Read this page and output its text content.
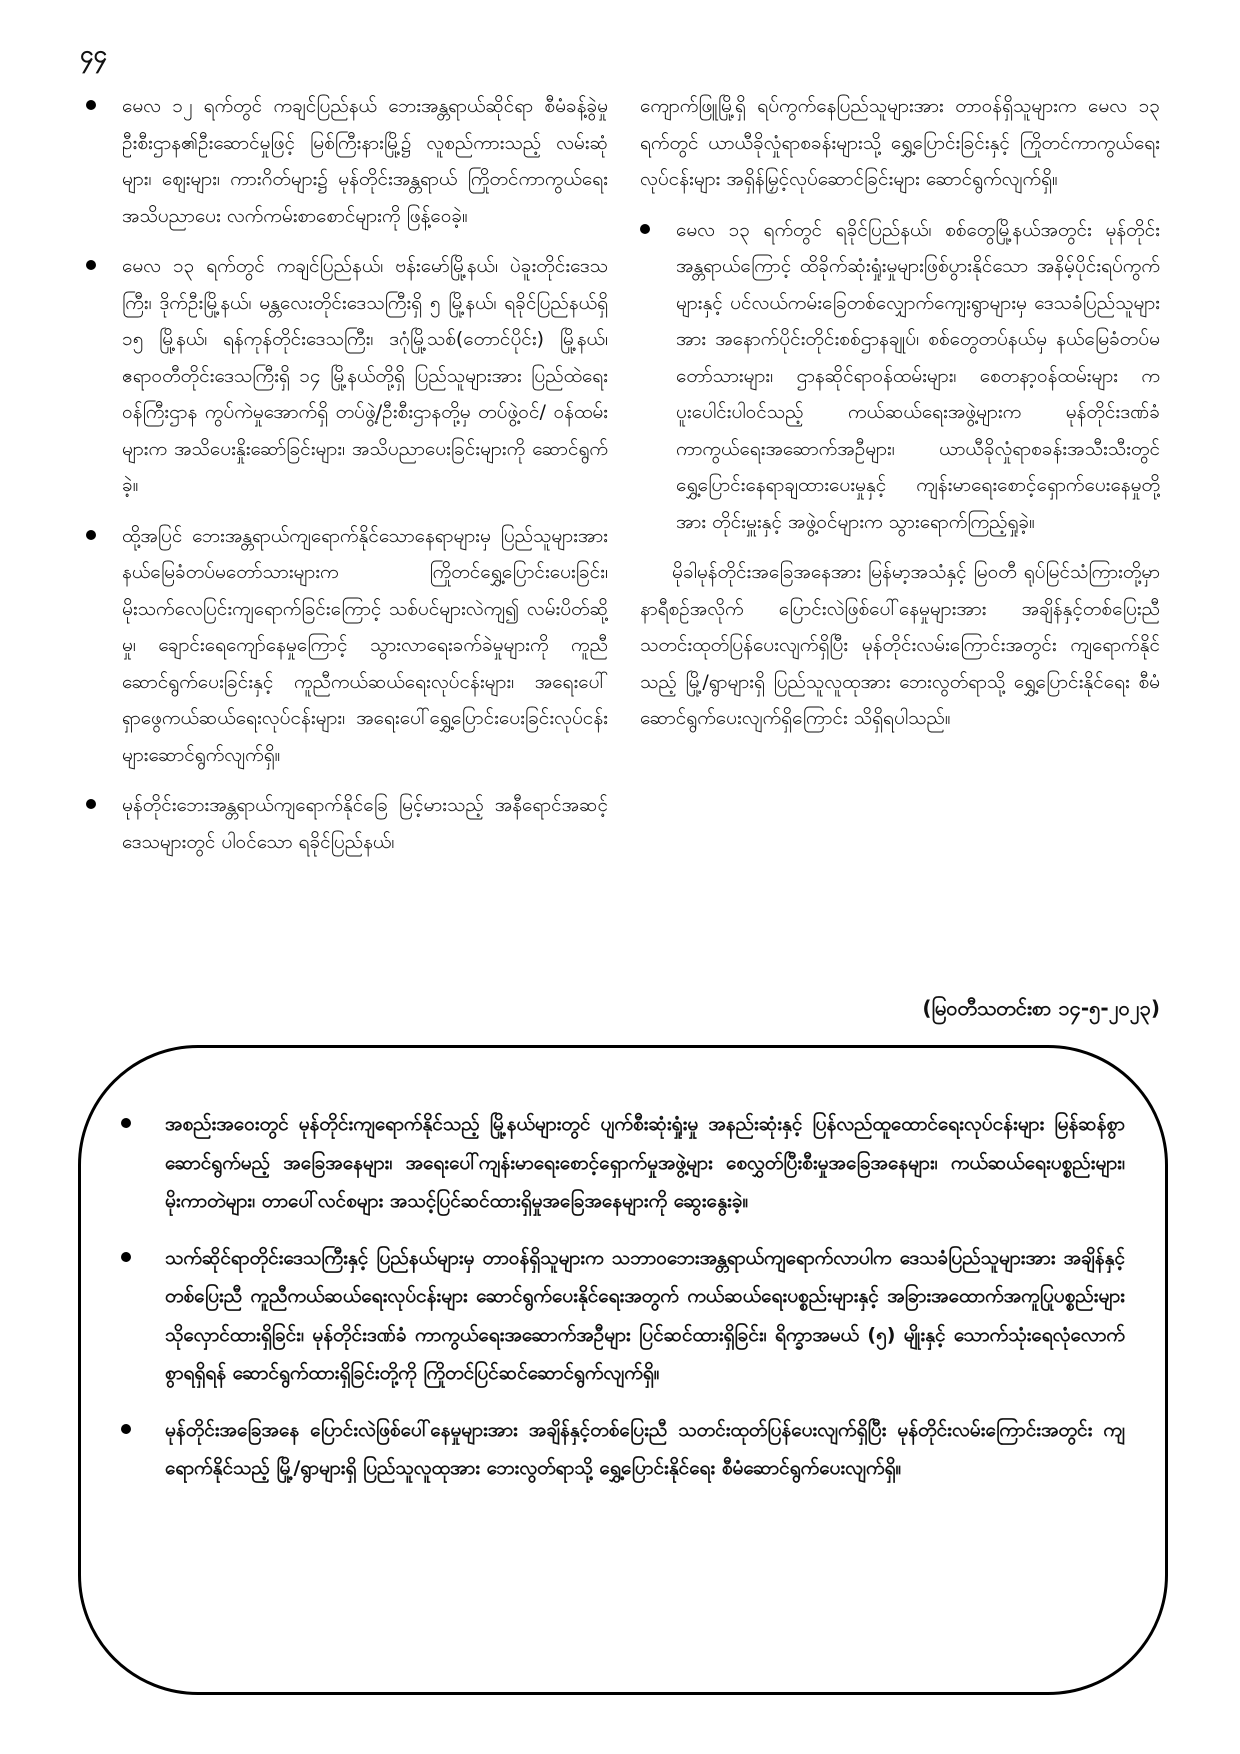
၄၄

မေလ ၁၂ ရက်တွင် ကချင်ပြည်နယ် ဘေးအန္တရာယ်ဆိုင်ရာ စီမံခန့်ခွဲမှုဦးစီးဌာန၏ဦးဆောင်မှုဖြင့် မြစ်ကြီးနားမြို့၌ လူစည်ကားသည့် လမ်းဆုံများ၊ ဈေးများ၊ ကားဂိတ်များ၌ မုန်တိုင်းအန္တရာယ် ကြိုတင်ကာကွယ်ရေး အသိပညာပေး လက်ကမ်းစာစောင်များကို ဖြန့်ဝေခဲ့။

မေလ ၁၃ ရက်တွင် ကချင်ပြည်နယ်၊ ဗန်းမော်မြို့နယ်၊ ပဲခူးတိုင်းဒေသကြီး၊ ဒိုက်ဦးမြို့နယ်၊ မန္တလေးတိုင်းဒေသကြီးရှိ ၅ မြို့နယ်၊ ရခိုင်ပြည်နယ်ရှိ ၁၅ မြို့နယ်၊ ရန်ကုန်တိုင်းဒေသကြီး၊ ဒဂုံမြို့သစ်(တောင်ပိုင်း) မြို့နယ်၊ ဧရာဝတီတိုင်းဒေသကြီးရှိ ၁၄ မြို့နယ်တို့ရှိ ပြည်သူများအား ပြည်ထဲရေးဝန်ကြီးဌာန ကွပ်ကဲမှုအောက်ရှိ တပ်ဖွဲ့/ဦးစီးဌာနတို့မှ တပ်ဖွဲ့ဝင်/ ဝန်ထမ်းများက အသိပေးနှိုးဆော်ခြင်းများ၊ အသိပညာပေးခြင်းများကို ဆောင်ရွက်ခဲ့။

ထို့အပြင် ဘေးအန္တရာယ်ကျရောက်နိုင်သောနေရာများမှ ပြည်သူများအား နယ်မြေခံတပ်မတော်သားများက ကြိုတင်ရွှေ့ပြောင်းပေးခြင်း၊ မိုးသက်လေပြင်းကျရောက်ခြင်းကြောင့် သစ်ပင်များလဲကျ၍ လမ်းပိတ်ဆို့မှု၊ ချောင်းရေကျော်နေမှုကြောင့် သွားလာရေးခက်ခဲမှုများကို ကူညီဆောင်ရွက်ပေးခြင်းနှင့် ကူညီကယ်ဆယ်ရေးလုပ်ငန်းများ၊ အရေးပေါ်ရှာဖွေကယ်ဆယ်ရေးလုပ်ငန်းများ၊ အရေးပေါ်ရွှေ့ပြောင်းပေးခြင်းလုပ်ငန်းများဆောင်ရွက်လျက်ရှိ။

မုန်တိုင်းဘေးအန္တရာယ်ကျရောက်နိုင်ခြေ မြင့်မားသည့် အနီရောင်အဆင့်ဒေသများတွင် ပါဝင်သော ရခိုင်ပြည်နယ်၊

ကျောက်ဖြူမြို့ရှိ ရပ်ကွက်နေပြည်သူများအား တာဝန်ရှိသူများက မေလ ၁၃ ရက်တွင် ယာယီခိုလှုံရာစခန်းများသို့ ရွှေ့ပြောင်းခြင်းနှင့် ကြိုတင်ကာကွယ်ရေးလုပ်ငန်းများ အရှိန်မြှင့်လုပ်ဆောင်ခြင်းများ ဆောင်ရွက်လျက်ရှိ။

မေလ ၁၃ ရက်တွင် ရခိုင်ပြည်နယ်၊ စစ်တွေမြို့နယ်အတွင်း မုန်တိုင်းအန္တရာယ်ကြောင့် ထိခိုက်ဆုံးရှုံးမှုများဖြစ်ပွားနိုင်သော အနိမ့်ပိုင်းရပ်ကွက်များနှင့် ပင်လယ်ကမ်းခြေတစ်လျှောက်ကျေးရွာများမှ ဒေသခံပြည်သူများအား အနောက်ပိုင်းတိုင်းစစ်ဌာနချုပ်၊ စစ်တွေတပ်နယ်မှ နယ်မြေခံတပ်မတော်သားများ၊ ဌာနဆိုင်ရာဝန်ထမ်းများ၊ စေတနာ့ဝန်ထမ်းများ က ပူးပေါင်းပါဝင်သည့် ကယ်ဆယ်ရေးအဖွဲ့များက မုန်တိုင်းဒဏ်ခံ ကာကွယ်ရေးအဆောက်အဦများ၊ ယာယီခိုလှုံရာစခန်းအသီးသီးတွင် ရွှေ့ပြောင်းနေရာချထားပေးမှုနှင့် ကျန်းမာရေးစောင့်ရှောက်ပေးနေမှုတို့အား တိုင်းမှူးနှင့် အဖွဲ့ဝင်များက သွားရောက်ကြည့်ရှုခဲ့။

မိုခါမုန်တိုင်းအခြေအနေအား မြန်မာ့အသံနှင့် မြဝတီ ရုပ်မြင်သံကြားတို့မှာ နာရီစဉ်အလိုက် ပြောင်းလဲဖြစ်ပေါ်နေမှုများအား အချိန်နှင့်တစ်ပြေးညီ သတင်းထုတ်ပြန်ပေးလျက်ရှိပြီး မုန်တိုင်းလမ်းကြောင်းအတွင်း ကျရောက်နိုင်သည့် မြို့/ရွာများရှိ ပြည်သူလူထုအား ဘေးလွတ်ရာသို့ ရွှေ့ပြောင်းနိုင်ရေး စီမံဆောင်ရွက်ပေးလျက်ရှိကြောင်း သိရှိရပါသည်။

(မြဝတီသတင်းစာ ၁၄-၅-၂၀၂၃)

အစည်းအဝေးတွင် မုန်တိုင်းကျရောက်နိုင်သည့် မြို့နယ်များတွင် ပျက်စီးဆုံးရှုံးမှု အနည်းဆုံးနှင့် ပြန်လည်ထူထောင်ရေးလုပ်ငန်းများ မြန်ဆန်စွာဆောင်ရွက်မည့် အခြေအနေများ၊ အရေးပေါ်ကျန်းမာရေးစောင့်ရှောက်မှုအဖွဲ့များ စေလွှတ်ပြီးစီးမှုအခြေအနေများ၊ ကယ်ဆယ်ရေးပစ္စည်းများ၊ မိုးကာတဲများ၊ တာပေါ်လင်စများ အသင့်ပြင်ဆင်ထားရှိမှုအခြေအနေများကို ဆွေးနွေးခဲ့။

သက်ဆိုင်ရာတိုင်းဒေသကြီးနှင့် ပြည်နယ်များမှ တာဝန်ရှိသူများက သဘာဝဘေးအန္တရာယ်ကျရောက်လာပါက ဒေသခံပြည်သူများအား အချိန်နှင့်တစ်ပြေးညီ ကူညီကယ်ဆယ်ရေးလုပ်ငန်းများ ဆောင်ရွက်ပေးနိုင်ရေးအတွက် ကယ်ဆယ်ရေးပစ္စည်းများနှင့် အခြားအထောက်အကူပြုပစ္စည်းများ သိုလှောင်ထားရှိခြင်း၊ မုန်တိုင်းဒဏ်ခံ ကာကွယ်ရေးအဆောက်အဦများ ပြင်ဆင်ထားရှိခြင်း၊ ရိက္ခာအမယ် (၅) မျိုးနှင့် သောက်သုံးရေလုံလောက်စွာရရှိရန် ဆောင်ရွက်ထားရှိခြင်းတို့ကို ကြိုတင်ပြင်ဆင်ဆောင်ရွက်လျက်ရှိ။

မုန်တိုင်းအခြေအနေ ပြောင်းလဲဖြစ်ပေါ်နေမှုများအား အချိန်နှင့်တစ်ပြေးညီ သတင်းထုတ်ပြန်ပေးလျက်ရှိပြီး မုန်တိုင်းလမ်းကြောင်းအတွင်း ကျရောက်နိုင်သည့် မြို့/ရွာများရှိ ပြည်သူလူထုအား ဘေးလွတ်ရာသို့ ရွှေ့ပြောင်းနိုင်ရေး စီမံဆောင်ရွက်ပေးလျက်ရှိ။
